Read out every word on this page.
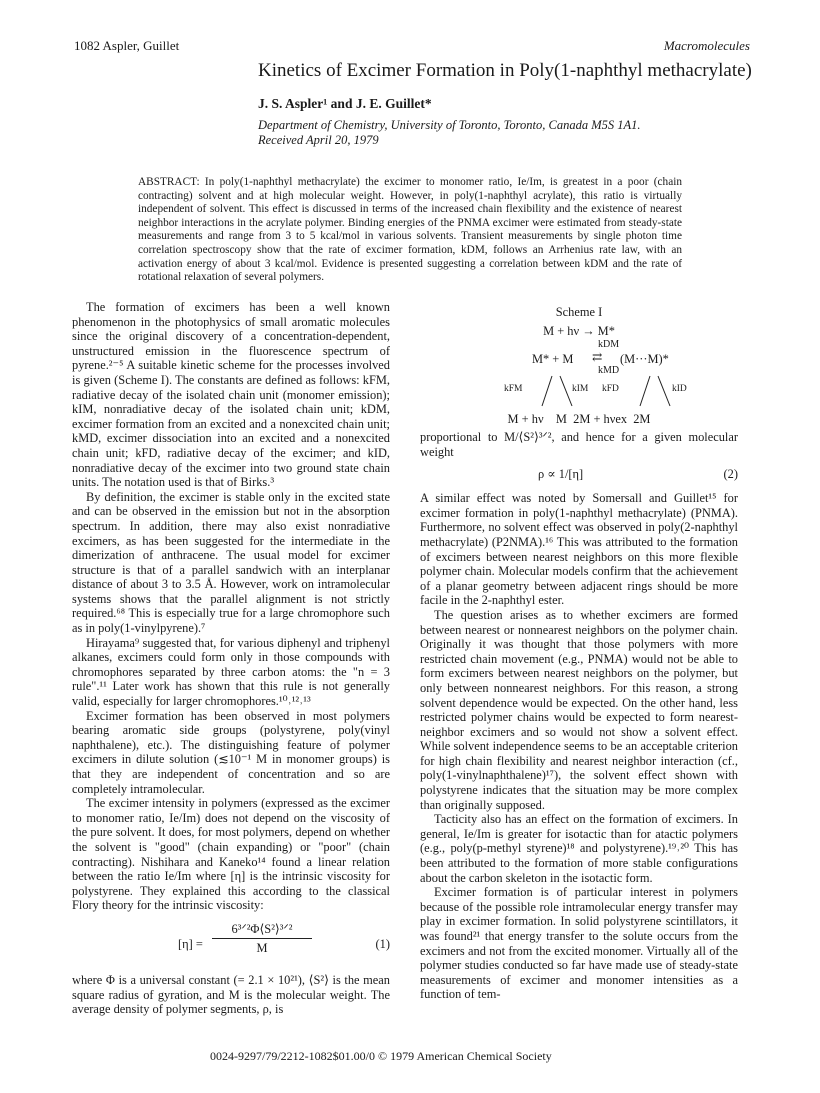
1082 Aspler, Guillet	Macromolecules
Kinetics of Excimer Formation in Poly(1-naphthyl methacrylate)
J. S. Aspler¹ and J. E. Guillet*
Department of Chemistry, University of Toronto, Toronto, Canada M5S 1A1.
Received April 20, 1979
ABSTRACT: In poly(1-naphthyl methacrylate) the excimer to monomer ratio, Ie/Im, is greatest in a poor (chain contracting) solvent and at high molecular weight. However, in poly(1-naphthyl acrylate), this ratio is virtually independent of solvent. This effect is discussed in terms of the increased chain flexibility and the existence of nearest neighbor interactions in the acrylate polymer. Binding energies of the PNMA excimer were estimated from steady-state measurements and range from 3 to 5 kcal/mol in various solvents. Transient measurements by single photon time correlation spectroscopy show that the rate of excimer formation, kDM, follows an Arrhenius rate law, with an activation energy of about 3 kcal/mol. Evidence is presented suggesting a correlation between kDM and the rate of rotational relaxation of several polymers.

The formation of excimers has been a well known phenomenon in the photophysics of small aromatic molecules since the original discovery of a concentration-dependent, unstructured emission in the fluorescence spectrum of pyrene.²⁻⁵ A suitable kinetic scheme for the processes involved is given (Scheme I). The constants are defined as follows: kFM, radiative decay of the isolated chain unit (monomer emission); kIM, nonradiative decay of the isolated chain unit; kDM, excimer formation from an excited and a nonexcited chain unit; kMD, excimer dissociation into an excited and a nonexcited chain unit; kFD, radiative decay of the excimer; and kID, nonradiative decay of the excimer into two ground state chain units. The notation used is that of Birks.³

By definition, the excimer is stable only in the excited state and can be observed in the emission but not in the absorption spectrum. In addition, there may also exist nonradiative excimers, as has been suggested for the intermediate in the dimerization of anthracene. The usual model for excimer structure is that of a parallel sandwich with an interplanar distance of about 3 to 3.5 Å. However, work on intramolecular systems shows that the parallel alignment is not strictly required.⁶⁸ This is especially true for a large chromophore such as in poly(1-vinylpyrene).⁷

Hirayama⁹ suggested that, for various diphenyl and triphenyl alkanes, excimers could form only in those compounds with chromophores separated by three carbon atoms: the "n = 3 rule".¹¹ Later work has shown that this rule is not generally valid, especially for larger chromophores.¹⁰˒¹²˒¹³

Excimer formation has been observed in most polymers bearing aromatic side groups (polystyrene, poly(vinyl naphthalene), etc.). The distinguishing feature of polymer excimers in dilute solution (≲10⁻¹ M in monomer groups) is that they are independent of concentration and so are completely intramolecular.

The excimer intensity in polymers (expressed as the excimer to monomer ratio, Ie/Im) does not depend on the viscosity of the pure solvent. It does, for most polymers, depend on whether the solvent is "good" (chain expanding) or "poor" (chain contracting). Nishihara and Kaneko¹⁴ found a linear relation between the ratio Ie/Im where [η] is the intrinsic viscosity for polystyrene. They explained this according to the classical Flory theory for the intrinsic viscosity:

[η] =
6³ᐟ²Φ⟨S²⟩³ᐟ²
M	(1)

where Φ is a universal constant (= 2.1 × 10²¹), ⟨S²⟩ is the mean square radius of gyration, and M is the molecular weight. The average density of polymer segments, ρ, is

Scheme I
M + hν → M*
M* + M
kDM
⇄
kMD
(M···M)*
kFM	kIM kFD	kID
M + hν    M  2M + hνex  2M

proportional to M/⟨S²⟩³ᐟ², and hence for a given molecular weight

ρ ∝ 1/[η]	(2)

A similar effect was noted by Somersall and Guillet¹⁵ for excimer formation in poly(1-naphthyl methacrylate) (PNMA). Furthermore, no solvent effect was observed in poly(2-naphthyl methacrylate) (P2NMA).¹⁶ This was attributed to the formation of excimers between nearest neighbors on this more flexible polymer chain. Molecular models confirm that the achievement of a planar geometry between adjacent rings should be more facile in the 2-naphthyl ester.

The question arises as to whether excimers are formed between nearest or nonnearest neighbors on the polymer chain. Originally it was thought that those polymers with more restricted chain movement (e.g., PNMA) would not be able to form excimers between nearest neighbors on the polymer, but only between nonnearest neighbors. For this reason, a strong solvent dependence would be expected. On the other hand, less restricted polymer chains would be expected to form nearest-neighbor excimers and so would not show a solvent effect. While solvent independence seems to be an acceptable criterion for high chain flexibility and nearest neighbor interaction (cf., poly(1-vinylnaphthalene)¹⁷), the solvent effect shown with polystyrene indicates that the situation may be more complex than originally supposed.

Tacticity also has an effect on the formation of excimers. In general, Ie/Im is greater for isotactic than for atactic polymers (e.g., poly(p-methyl styrene)¹⁸ and polystyrene).¹⁹˒²⁰ This has been attributed to the formation of more stable configurations about the carbon skeleton in the isotactic form.

Excimer formation is of particular interest in polymers because of the possible role intramolecular energy transfer may play in excimer formation. In solid polystyrene scintillators, it was found²¹ that energy transfer to the solute occurs from the excimers and not from the excited monomer. Virtually all of the polymer studies conducted so far have made use of steady-state measurements of excimer and monomer intensities as a function of tem-

0024-9297/79/2212-1082$01.00/0 © 1979 American Chemical Society
